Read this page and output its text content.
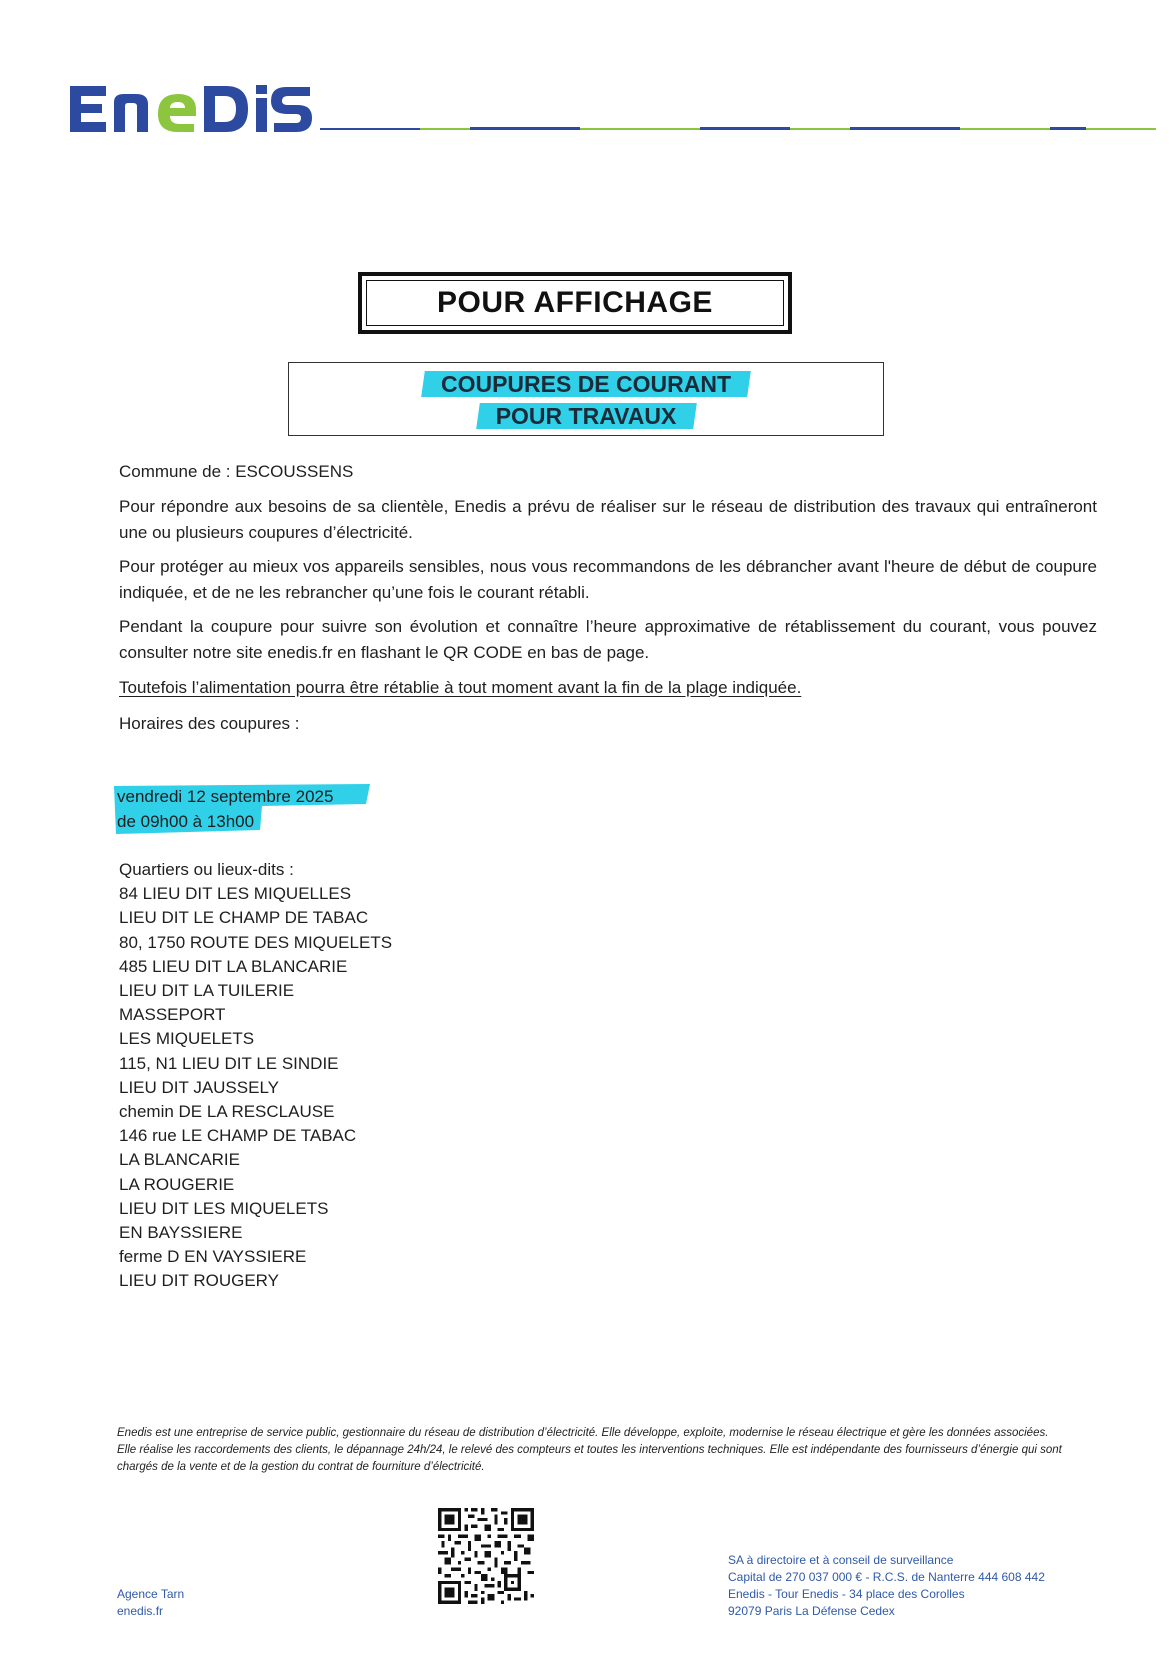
POUR AFFICHAGE
COUPURES DE COURANT
POUR TRAVAUX
Commune de : ESCOUSSENS
Pour répondre aux besoins de sa clientèle, Enedis a prévu de réaliser sur le réseau de distribution des travaux qui entraîneront une ou plusieurs coupures d’électricité.
Pour protéger au mieux vos appareils sensibles, nous vous recommandons de les débrancher avant l'heure de début de coupure indiquée, et de ne les rebrancher qu’une fois le courant rétabli.
Pendant la coupure pour suivre son évolution et connaître l’heure approximative de rétablissement du courant, vous pouvez consulter notre site enedis.fr en flashant le QR CODE en bas de page.
Toutefois l’alimentation pourra être rétablie à tout moment avant la fin de la plage indiquée.
Horaires des coupures :
vendredi 12 septembre 2025
de 09h00 à 13h00
Quartiers ou lieux-dits :
84 LIEU DIT LES MIQUELLES
LIEU DIT LE CHAMP DE TABAC
80, 1750 ROUTE DES MIQUELETS
485 LIEU DIT LA BLANCARIE
LIEU DIT LA TUILERIE
MASSEPORT
LES MIQUELETS
115, N1 LIEU DIT LE SINDIE
LIEU DIT JAUSSELY
chemin DE LA RESCLAUSE
146 rue LE CHAMP DE TABAC
LA BLANCARIE
LA ROUGERIE
LIEU DIT LES MIQUELETS
EN BAYSSIERE
ferme D EN VAYSSIERE
LIEU DIT ROUGERY
Enedis est une entreprise de service public, gestionnaire du réseau de distribution d’électricité. Elle développe, exploite, modernise le réseau électrique et gère les données associées. Elle réalise les raccordements des clients, le dépannage 24h/24, le relevé des compteurs et toutes les interventions techniques. Elle est indépendante des fournisseurs d’énergie qui sont chargés de la vente et de la gestion du contrat de fourniture d’électricité.
Agence Tarn
enedis.fr
SA à directoire et à conseil de surveillance
Capital de 270 037 000 € - R.C.S. de Nanterre 444 608 442
Enedis - Tour Enedis - 34 place des Corolles
92079 Paris La Défense Cedex
